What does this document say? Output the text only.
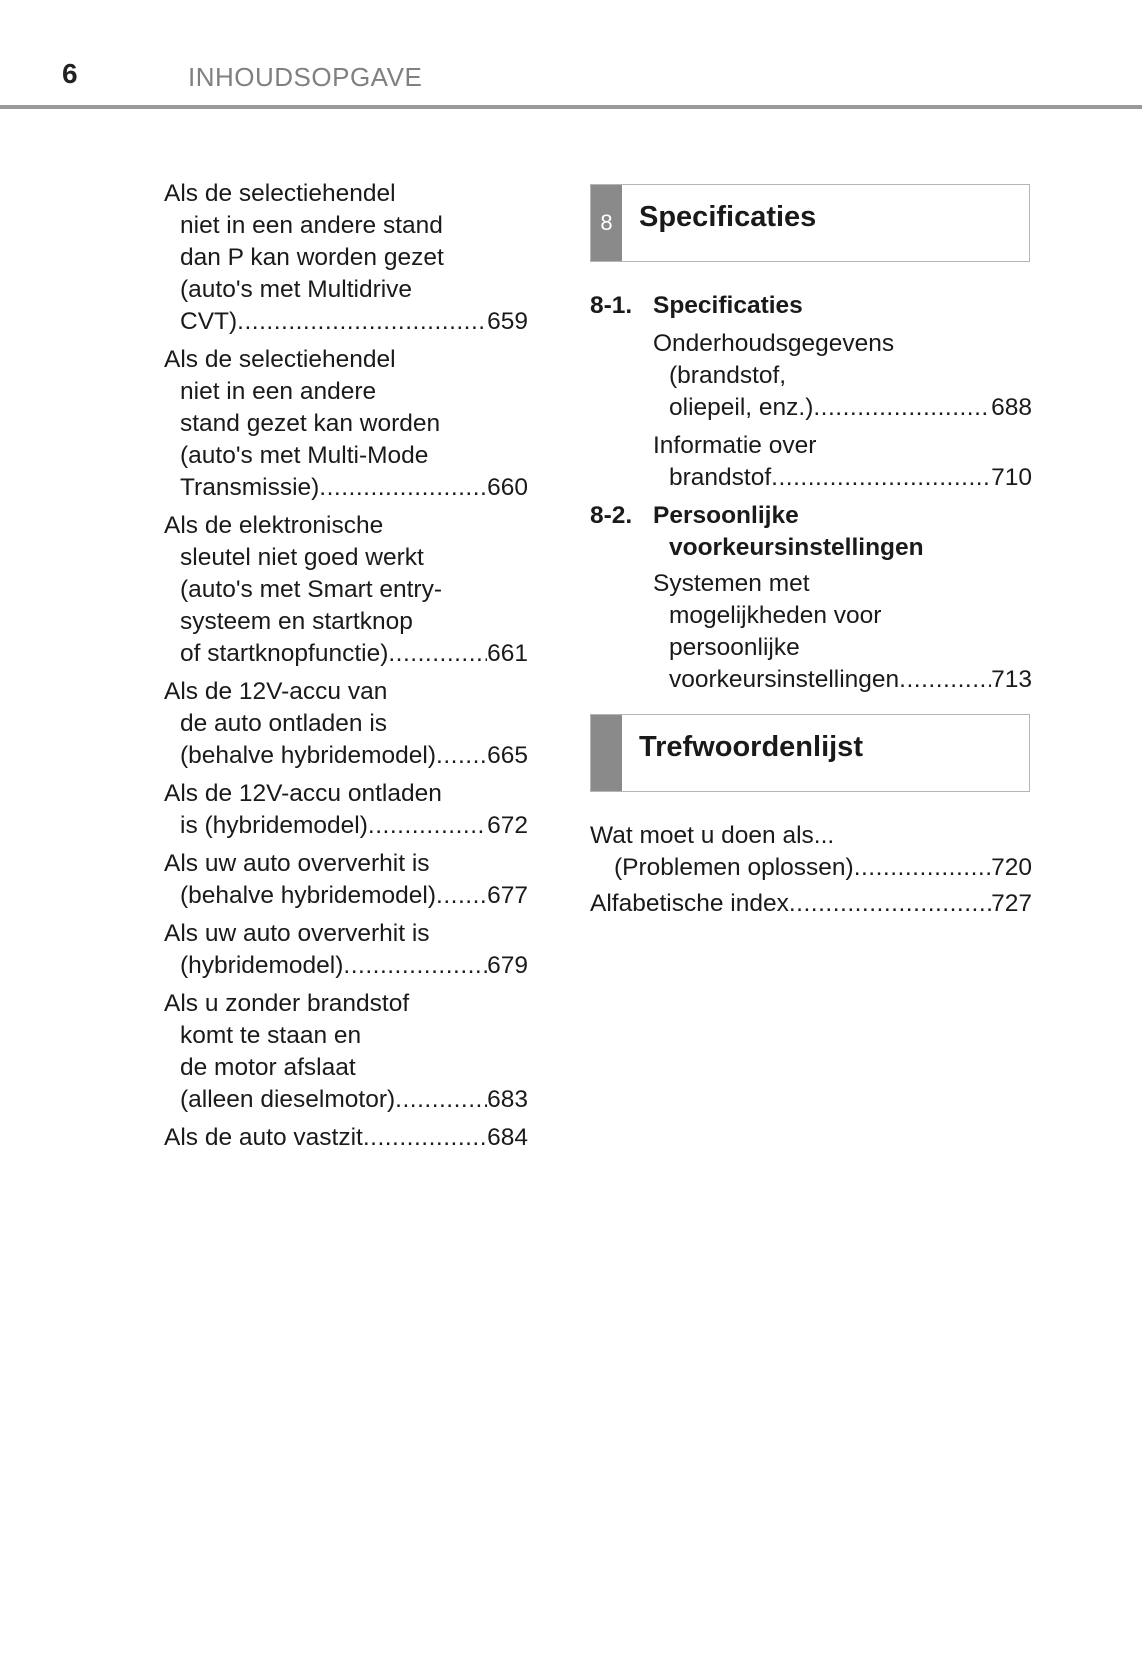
6	INHOUDSOPGAVE
Als de selectiehendel
niet in een andere stand
dan P kan worden gezet
(auto's met Multidrive
CVT) .....	659
Als de selectiehendel
niet in een andere
stand gezet kan worden
(auto's met Multi-Mode
Transmissie) .....	660
Als de elektronische
sleutel niet goed werkt
(auto's met Smart entry-
systeem en startknop
of startknopfunctie) .....	661
Als de 12V-accu van
de auto ontladen is
(behalve hybridemodel) ..... 665
Als de 12V-accu ontladen
is (hybridemodel) .....	672
Als uw auto oververhit is
(behalve hybridemodel) ..... 677
Als uw auto oververhit is
(hybridemodel) .....	679
Als u zonder brandstof
komt te staan en
de motor afslaat
(alleen dieselmotor) .....	683
Als de auto vastzit .....	684
8 Specificaties
8-1. Specificaties
Onderhoudsgegevens
(brandstof,
oliepeil, enz.) .....	688
Informatie over
brandstof .....	710
8-2. Persoonlijke
voorkeursinstellingen
Systemen met
mogelijkheden voor
persoonlijke
voorkeursinstellingen .....	713
Trefwoordenlijst
Wat moet u doen als...
(Problemen oplossen) .....	720
Alfabetische index .....	727
